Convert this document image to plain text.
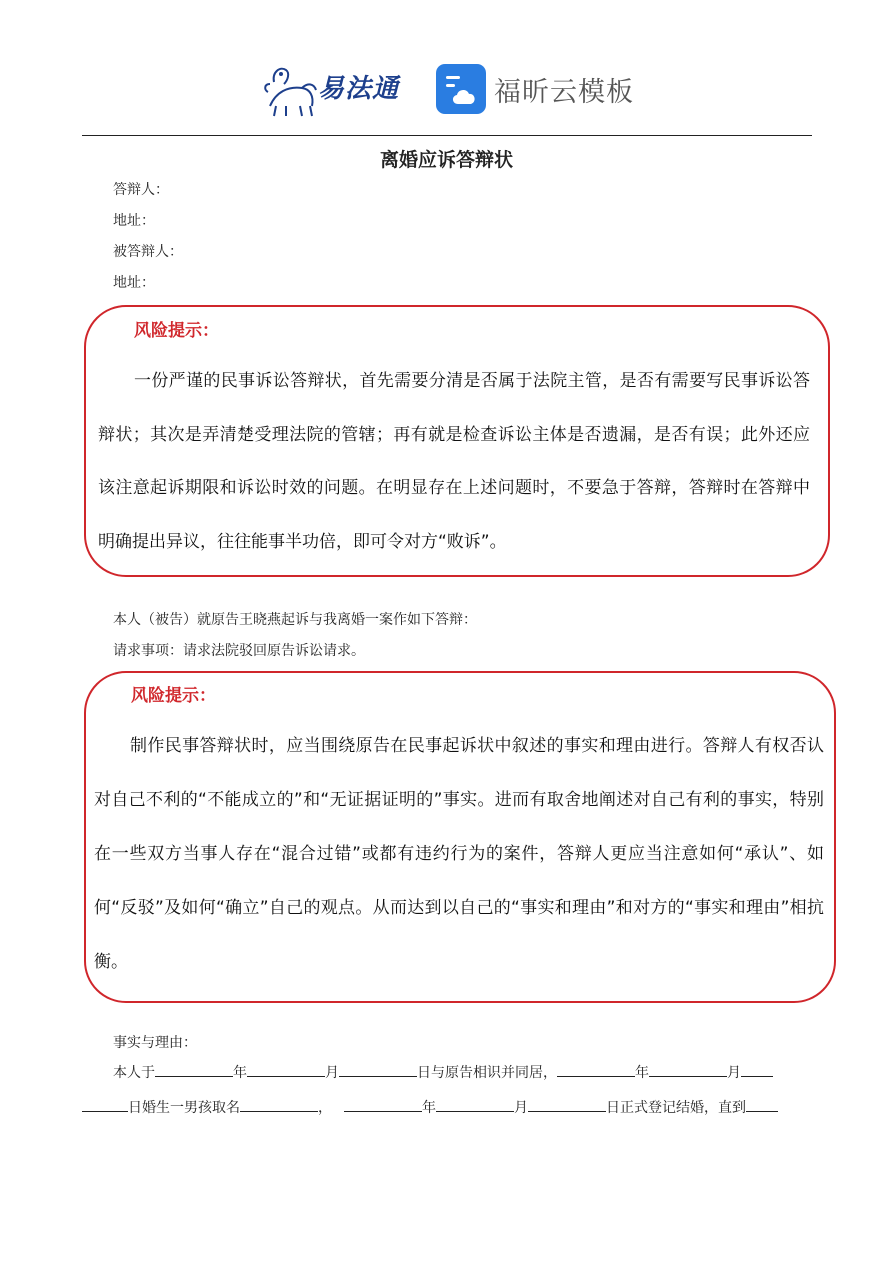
易法通	福昕云模板
离婚应诉答辩状
答辩人：
地址：
被答辩人：
地址：
风险提示：
一份严谨的民事诉讼答辩状，首先需要分清是否属于法院主管，是否有需要写民事诉讼答辩状；其次是弄清楚受理法院的管辖；再有就是检查诉讼主体是否遗漏，是否有误；此外还应该注意起诉期限和诉讼时效的问题。在明显存在上述问题时，不要急于答辩，答辩时在答辩中明确提出异议，往往能事半功倍，即可令对方“败诉”。
本人（被告）就原告王晓燕起诉与我离婚一案作如下答辩：
请求事项：请求法院驳回原告诉讼请求。
风险提示：
制作民事答辩状时，应当围绕原告在民事起诉状中叙述的事实和理由进行。答辩人有权否认对自己不利的“不能成立的”和“无证据证明的”事实。进而有取舍地阐述对自己有利的事实，特别在一些双方当事人存在“混合过错”或都有违约行为的案件，答辩人更应当注意如何“承认”、如何“反驳”及如何“确立”自己的观点。从而达到以自己的“事实和理由”和对方的“事实和理由”相抗衡。
事实与理由：
本人于	年	月	日与原告相识并同居，	年	月
日婚生一男孩取名	，	年	月	日正式登记结婚，直到
